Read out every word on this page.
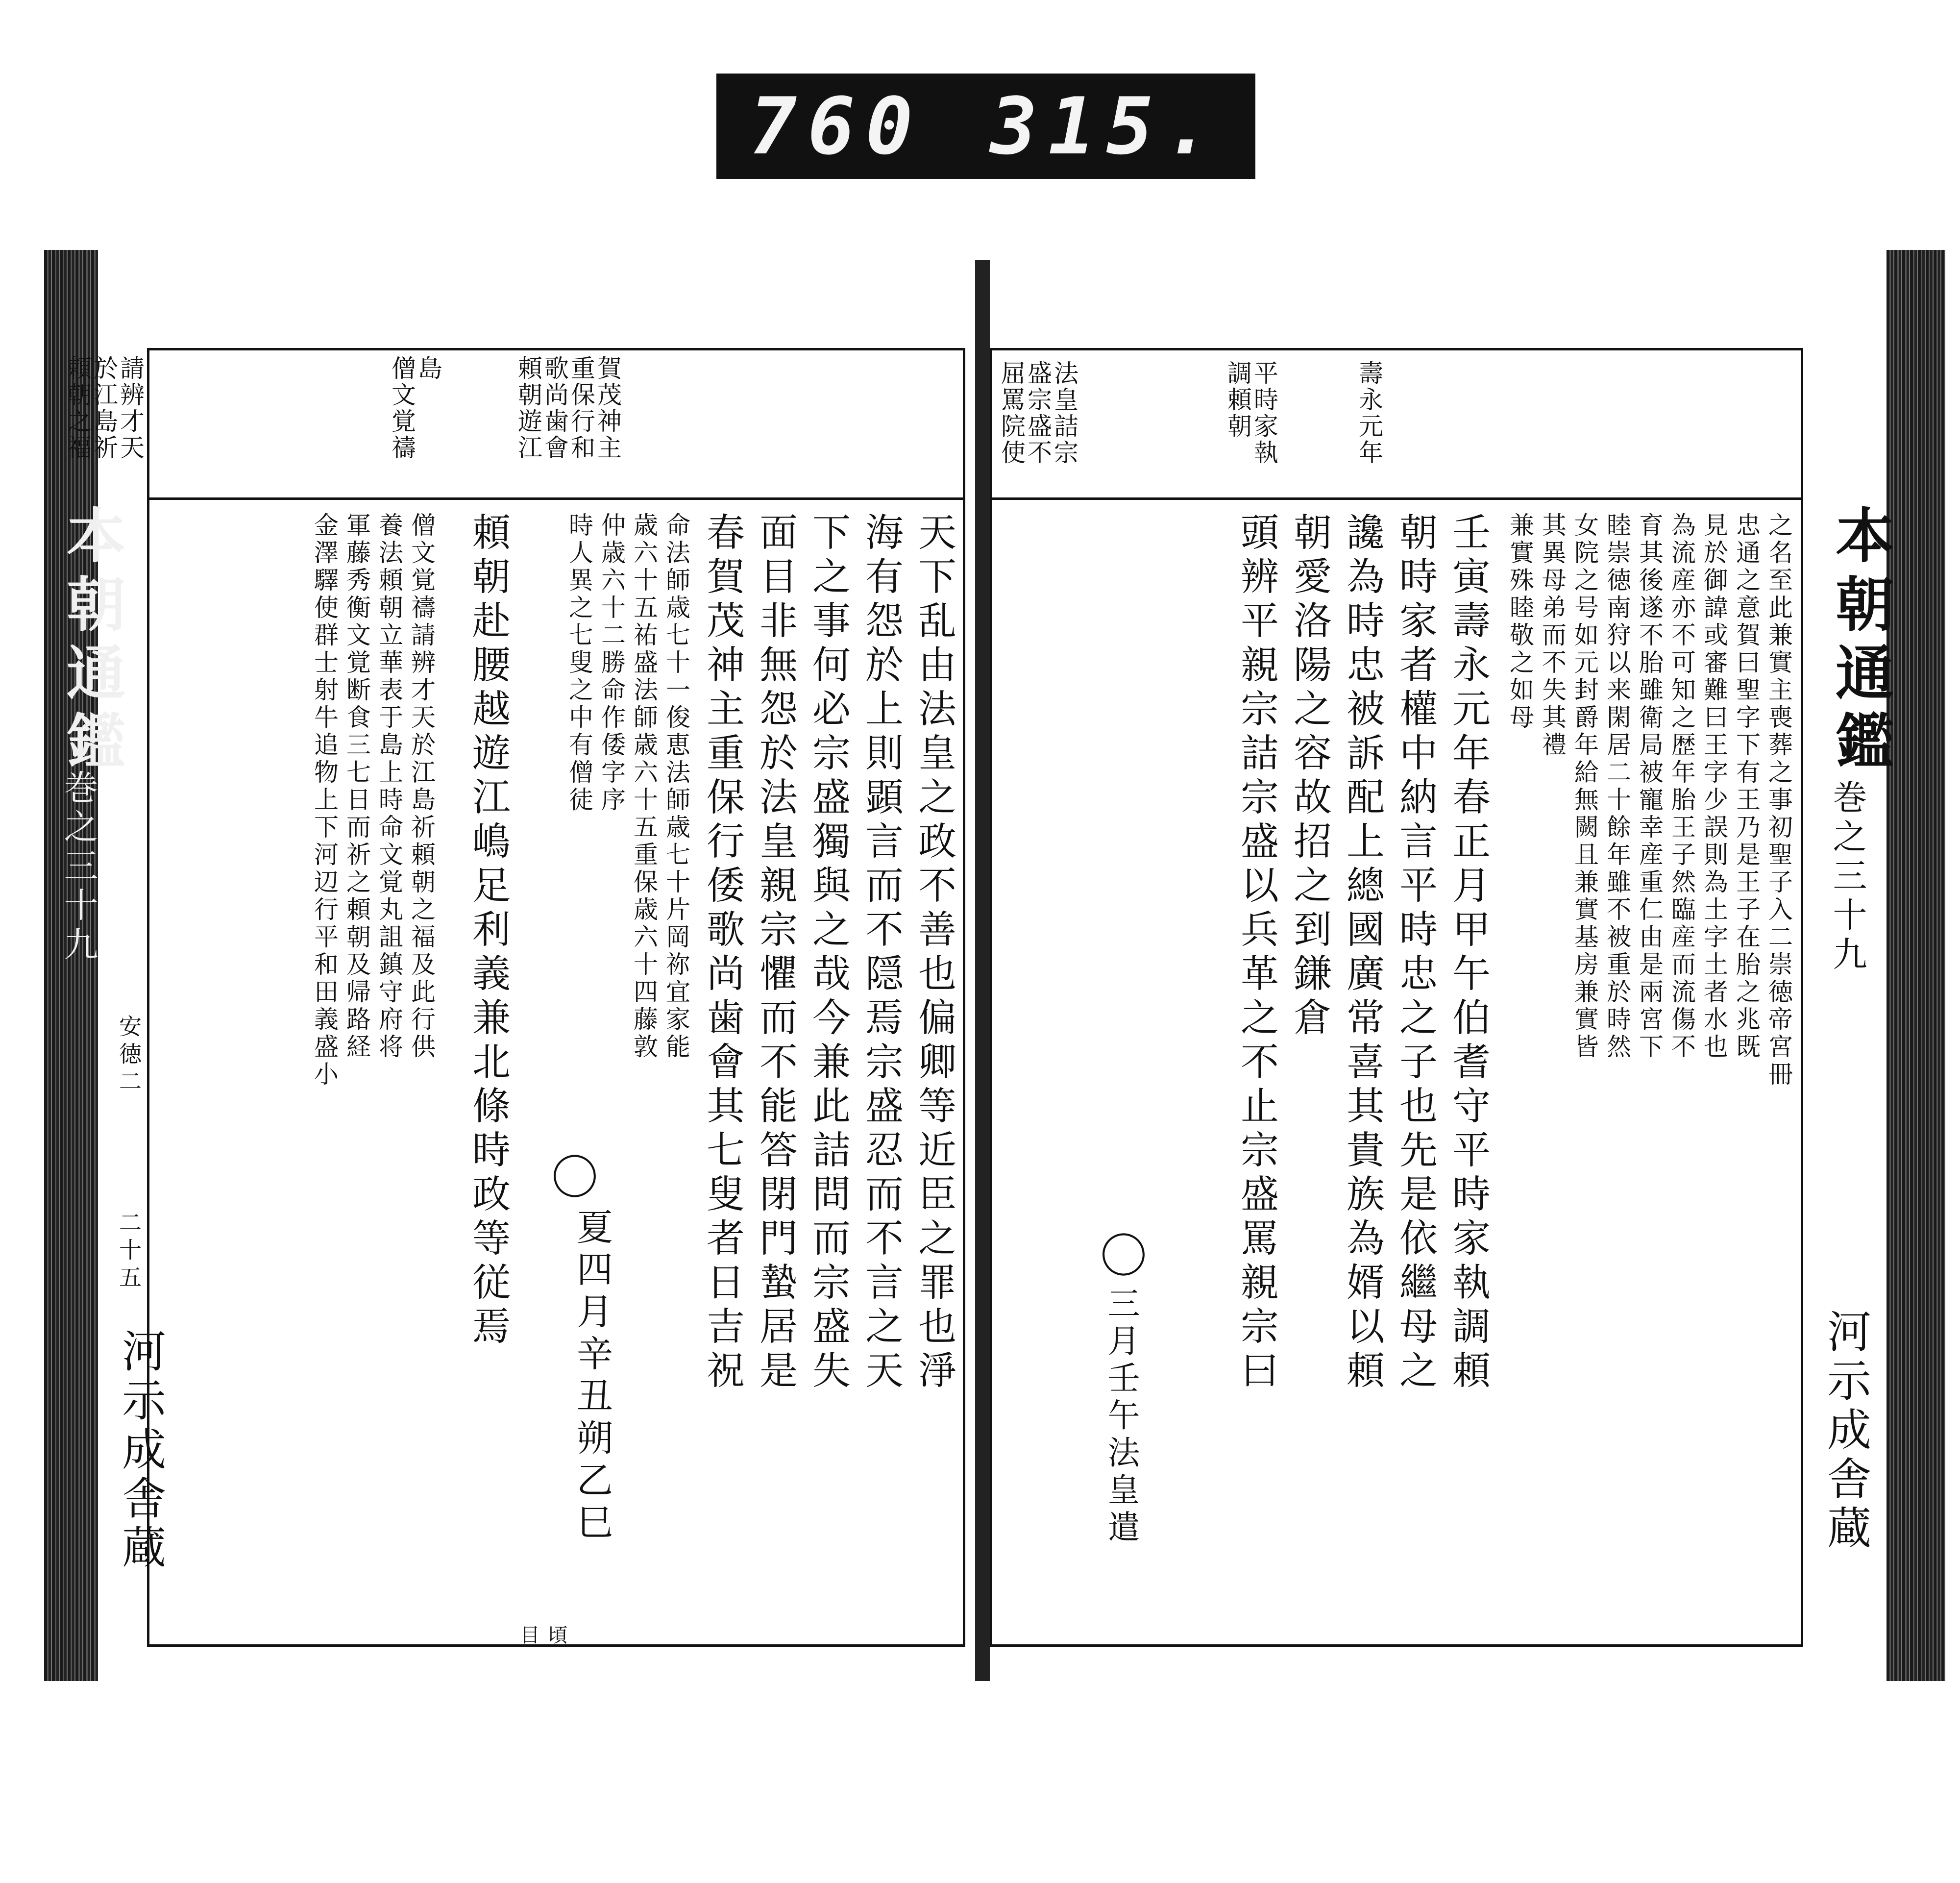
760 315.
本朝通鑑
巻之三十九
安徳二
二十五
河示成舎蔵
賀茂神主
重保行和
歌尚歯會
頼朝遊江
島
僧文覚禱
請辨才天
於江島祈
頼朝之福
天下乱由法皇之政不善也偏卿等近臣之罪也淨
海有怨於上則顕言而不隠焉宗盛忍而不言之天
下之事何必宗盛獨與之哉今兼此詰問而宗盛失
面目非無怨於法皇親宗懼而不能答閉門蟄居是
春賀茂神主重保行倭歌尚歯會其七叟者日吉祝
命法師歳七十一俊恵法師歳七十片岡祢宜家能
歳六十五祐盛法師歳六十五重保歳六十四藤敦
仲歳六十二勝命作倭字序
時人異之七叟之中有僧徒
〇
夏四月辛丑朔乙巳
頃目
頼朝赴腰越遊江嶋足利義兼北條時政等従焉
僧文覚禱請辨才天於江島祈頼朝之福及此行供
養法頼朝立華表于島上時命文覚丸詛鎮守府将
軍藤秀衡文覚断食三七日而祈之頼朝及帰路経
金澤驛使群士射牛追物上下河辺行平和田義盛小	本朝通鑑
巻之三十九
河示成舎蔵
屈罵院使
盛宗盛不
法皇詰宗	調頼朝
平時家執	壽永元年
之名至此兼實主喪葬之事初聖子入二崇徳帝宮冊
忠通之意賀曰聖字下有王乃是王子在胎之兆既
見於御諱或審難曰王字少誤則為土字土者水也
為流産亦不可知之歴年胎王子然臨産而流傷不
育其後遂不胎雖衛局被寵幸産重仁由是兩宮下
睦崇徳南狩以来閑居二十餘年雖不被重於時然
女院之号如元封爵年給無闕且兼實基房兼實皆
其異母弟而不失其禮
兼實殊睦敬之如母
壬寅壽永元年春正月甲午伯耆守平時家執調頼
朝時家者權中納言平時忠之子也先是依繼母之
讒為時忠被訴配上總國廣常喜其貴族為婿以頼
朝愛洛陽之容故招之到鎌倉
頭辨平親宗詰宗盛以兵革之不止宗盛罵親宗曰
〇
三月壬午法皇遣
